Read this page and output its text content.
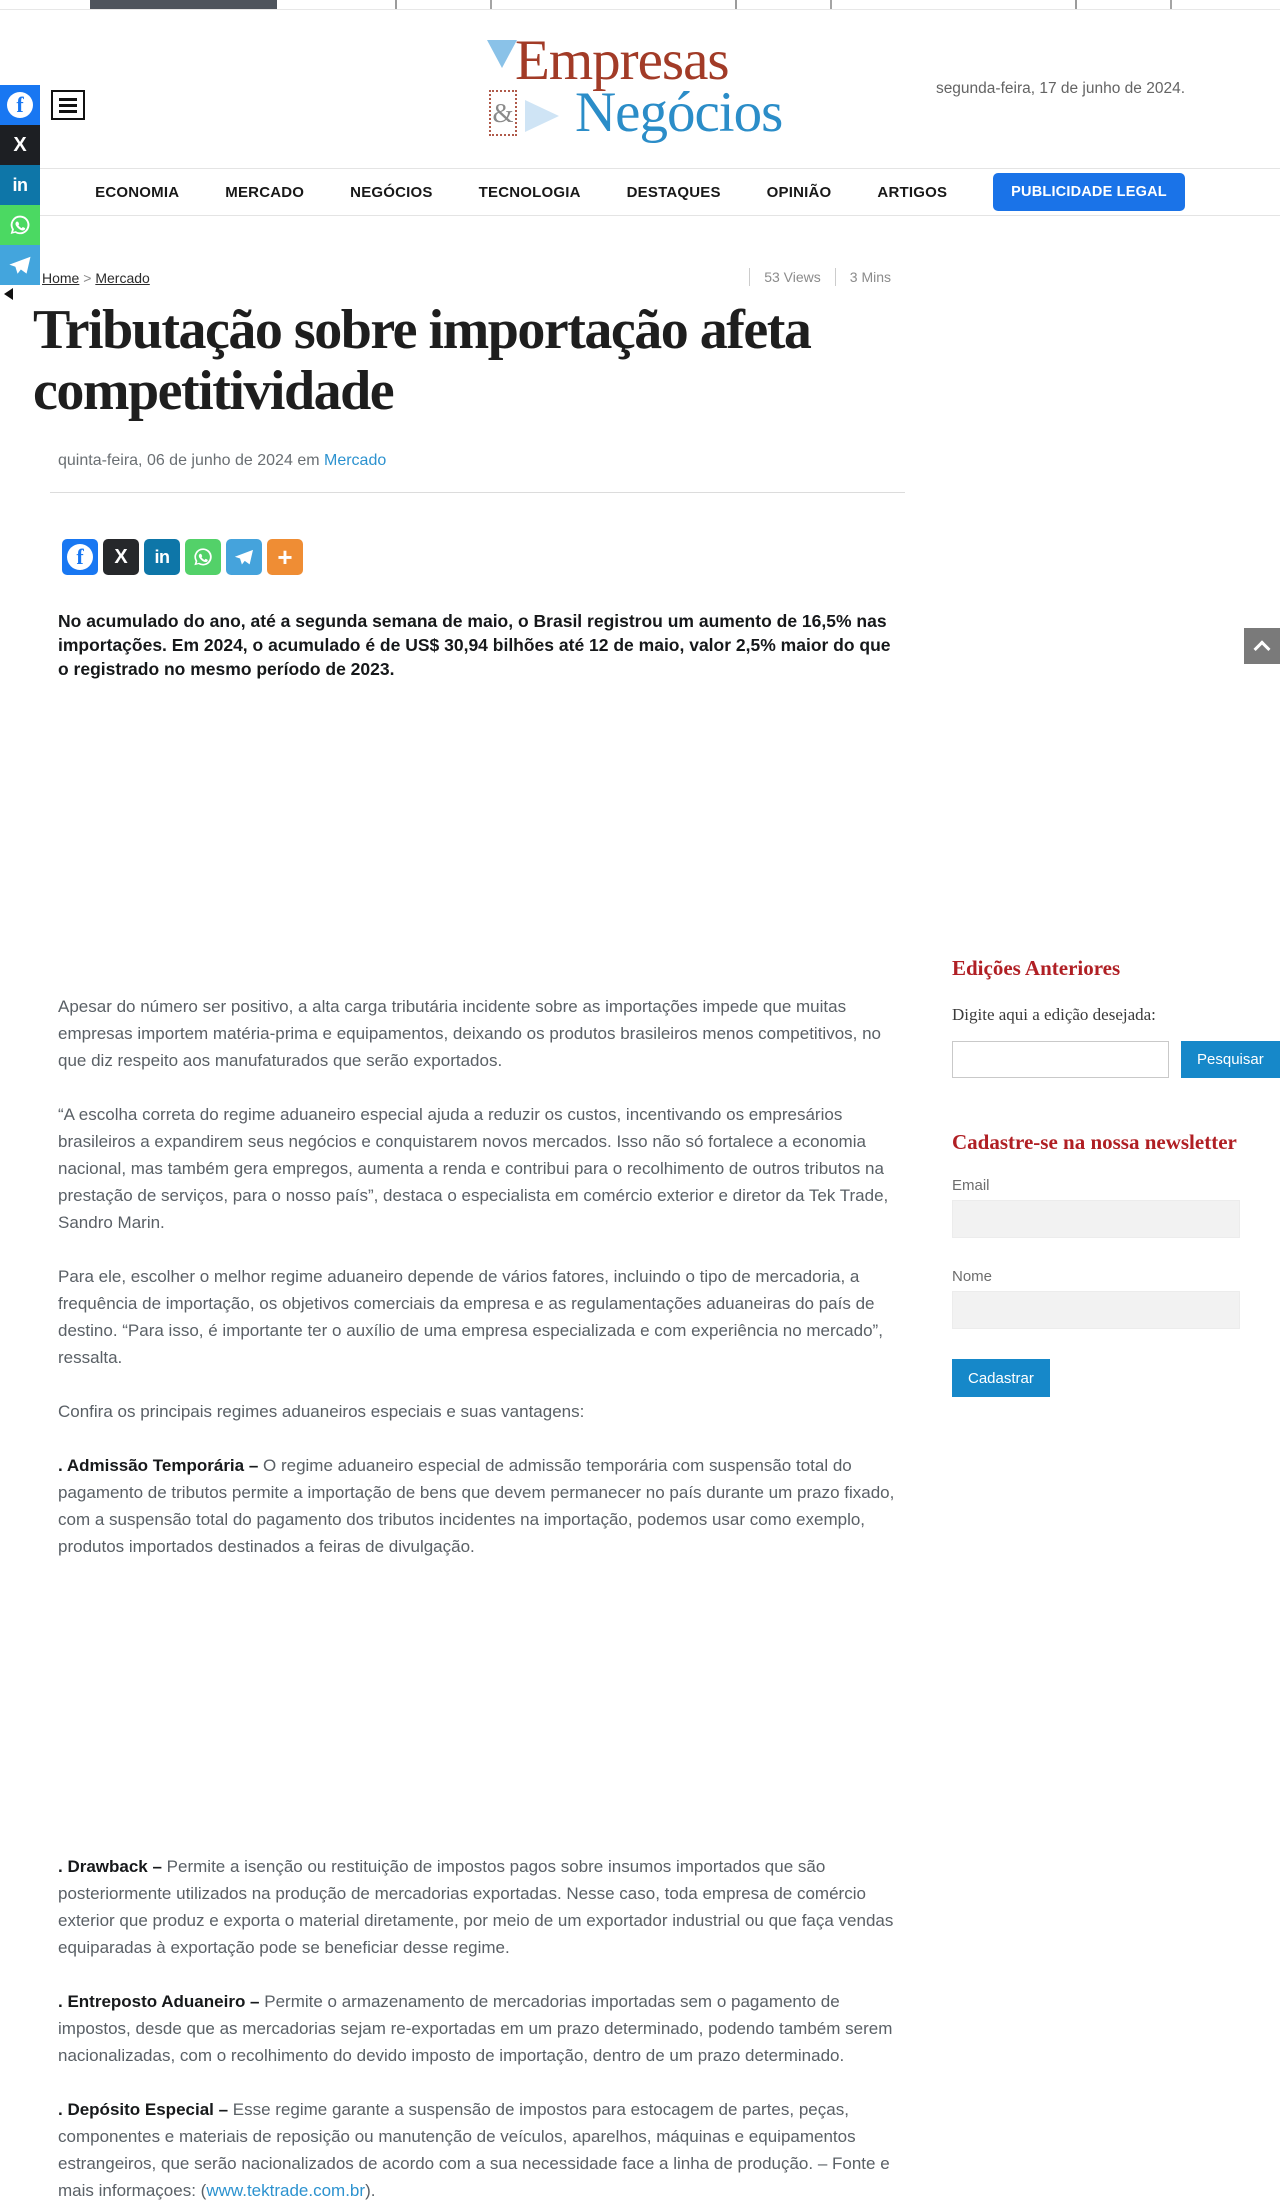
Empresas
& Negócios	segunda-feira, 17 de junho de 2024.
ECONOMIA	MERCADO	NEGÓCIOS	TECNOLOGIA	DESTAQUES	OPINIÃO	ARTIGOS	PUBLICIDADE LEGAL
Home > Mercado	53 Views	3 Mins
Tributação sobre importação afeta competitividade
quinta-feira, 06 de junho de 2024 em Mercado
f	X in	+

No acumulado do ano, até a segunda semana de maio, o Brasil registrou um aumento de 16,5% nas importações. Em 2024, o acumulado é de US$ 30,94 bilhões até 12 de maio, valor 2,5% maior do que o registrado no mesmo período de 2023.

Apesar do número ser positivo, a alta carga tributária incidente sobre as importações impede que muitas empresas importem matéria-prima e equipamentos, deixando os produtos brasileiros menos competitivos, no que diz respeito aos manufaturados que serão exportados.

“A escolha correta do regime aduaneiro especial ajuda a reduzir os custos, incentivando os empresários brasileiros a expandirem seus negócios e conquistarem novos mercados. Isso não só fortalece a economia nacional, mas também gera empregos, aumenta a renda e contribui para o recolhimento de outros tributos na prestação de serviços, para o nosso país”, destaca o especialista em comércio exterior e diretor da Tek Trade, Sandro Marin.

Para ele, escolher o melhor regime aduaneiro depende de vários fatores, incluindo o tipo de mercadoria, a frequência de importação, os objetivos comerciais da empresa e as regulamentações aduaneiras do país de destino. “Para isso, é importante ter o auxílio de uma empresa especializada e com experiência no mercado”, ressalta.

Confira os principais regimes aduaneiros especiais e suas vantagens:

. Admissão Temporária – O regime aduaneiro especial de admissão temporária com suspensão total do pagamento de tributos permite a importação de bens que devem permanecer no país durante um prazo fixado, com a suspensão total do pagamento dos tributos incidentes na importação, podemos usar como exemplo, produtos importados destinados a feiras de divulgação.

. Drawback – Permite a isenção ou restituição de impostos pagos sobre insumos importados que são posteriormente utilizados na produção de mercadorias exportadas. Nesse caso, toda empresa de comércio exterior que produz e exporta o material diretamente, por meio de um exportador industrial ou que faça vendas equiparadas à exportação pode se beneficiar desse regime.

. Entreposto Aduaneiro – Permite o armazenamento de mercadorias importadas sem o pagamento de impostos, desde que as mercadorias sejam re-exportadas em um prazo determinado, podendo também serem nacionalizadas, com o recolhimento do devido imposto de importação, dentro de um prazo determinado.

. Depósito Especial – Esse regime garante a suspensão de impostos para estocagem de partes, peças, componentes e materiais de reposição ou manutenção de veículos, aparelhos, máquinas e equipamentos estrangeiros, que serão nacionalizados de acordo com a sua necessidade face a linha de produção. – Fonte e mais informaçoes: (www.tektrade.com.br).

Edições Anteriores
Digite aqui a edição desejada:
Pesquisar
Cadastre-se na nossa newsletter
Email
Nome
Cadastrar
f
X
in
